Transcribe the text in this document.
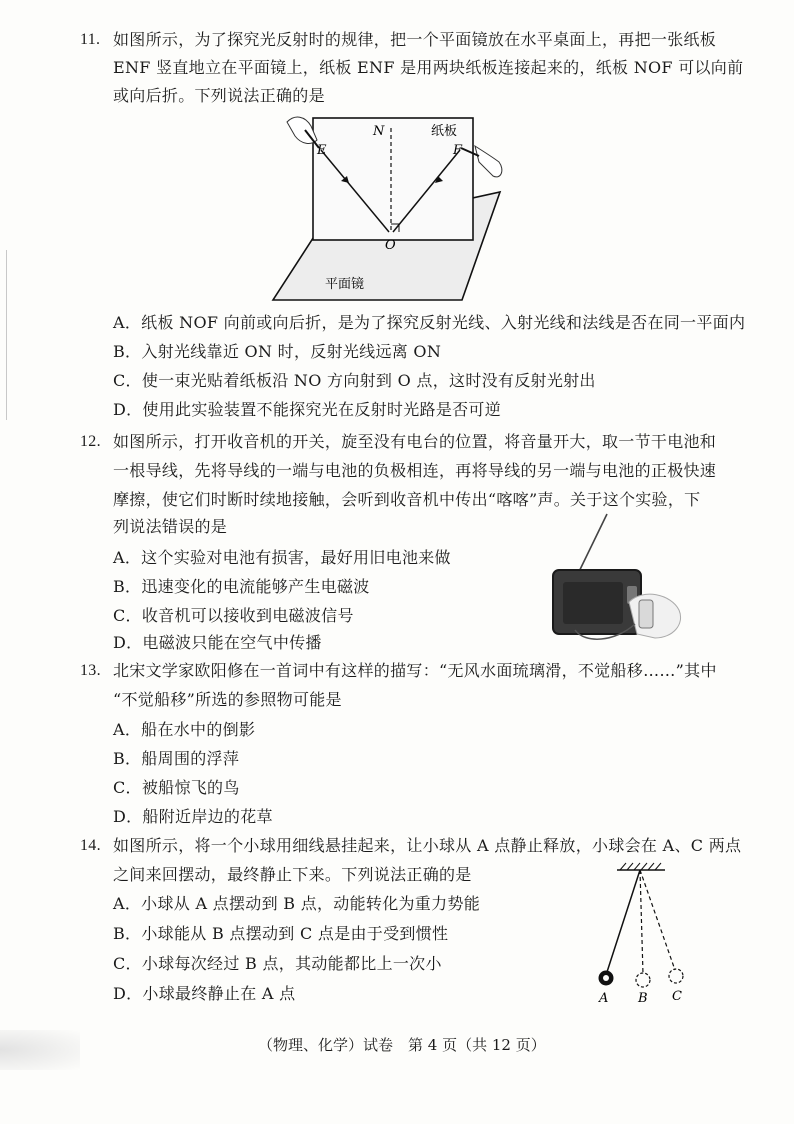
11. 如图所示，为了探究光反射时的规律，把一个平面镜放在水平桌面上，再把一张纸板
ENF 竖直地立在平面镜上，纸板 ENF 是用两块纸板连接起来的，纸板 NOF 可以向前
或向后折。下列说法正确的是
N	纸板
E	F
O
平面镜
A．纸板 NOF 向前或向后折，是为了探究反射光线、入射光线和法线是否在同一平面内
B．入射光线靠近 ON 时，反射光线远离 ON
C．使一束光贴着纸板沿 NO 方向射到 O 点，这时没有反射光射出
D．使用此实验装置不能探究光在反射时光路是否可逆
12. 如图所示，打开收音机的开关，旋至没有电台的位置，将音量开大，取一节干电池和
一根导线，先将导线的一端与电池的负极相连，再将导线的另一端与电池的正极快速
摩擦，使它们时断时续地接触，会听到收音机中传出“喀喀”声。关于这个实验，下
列说法错误的是
A．这个实验对电池有损害，最好用旧电池来做
B．迅速变化的电流能够产生电磁波
C．收音机可以接收到电磁波信号
D．电磁波只能在空气中传播
13. 北宋文学家欧阳修在一首词中有这样的描写：“无风水面琉璃滑，不觉船移……”其中
“不觉船移”所选的参照物可能是
A．船在水中的倒影
B．船周围的浮萍
C．被船惊飞的鸟
D．船附近岸边的花草
14. 如图所示，将一个小球用细线悬挂起来，让小球从 A 点静止释放，小球会在 A、C 两点
之间来回摆动，最终静止下来。下列说法正确的是
A．小球从 A 点摆动到 B 点，动能转化为重力势能
B．小球能从 B 点摆动到 C 点是由于受到惯性
C．小球每次经过 B 点，其动能都比上一次小
D．小球最终静止在 A 点	A B C
（物理、化学）试卷　第 4 页（共 12 页）
